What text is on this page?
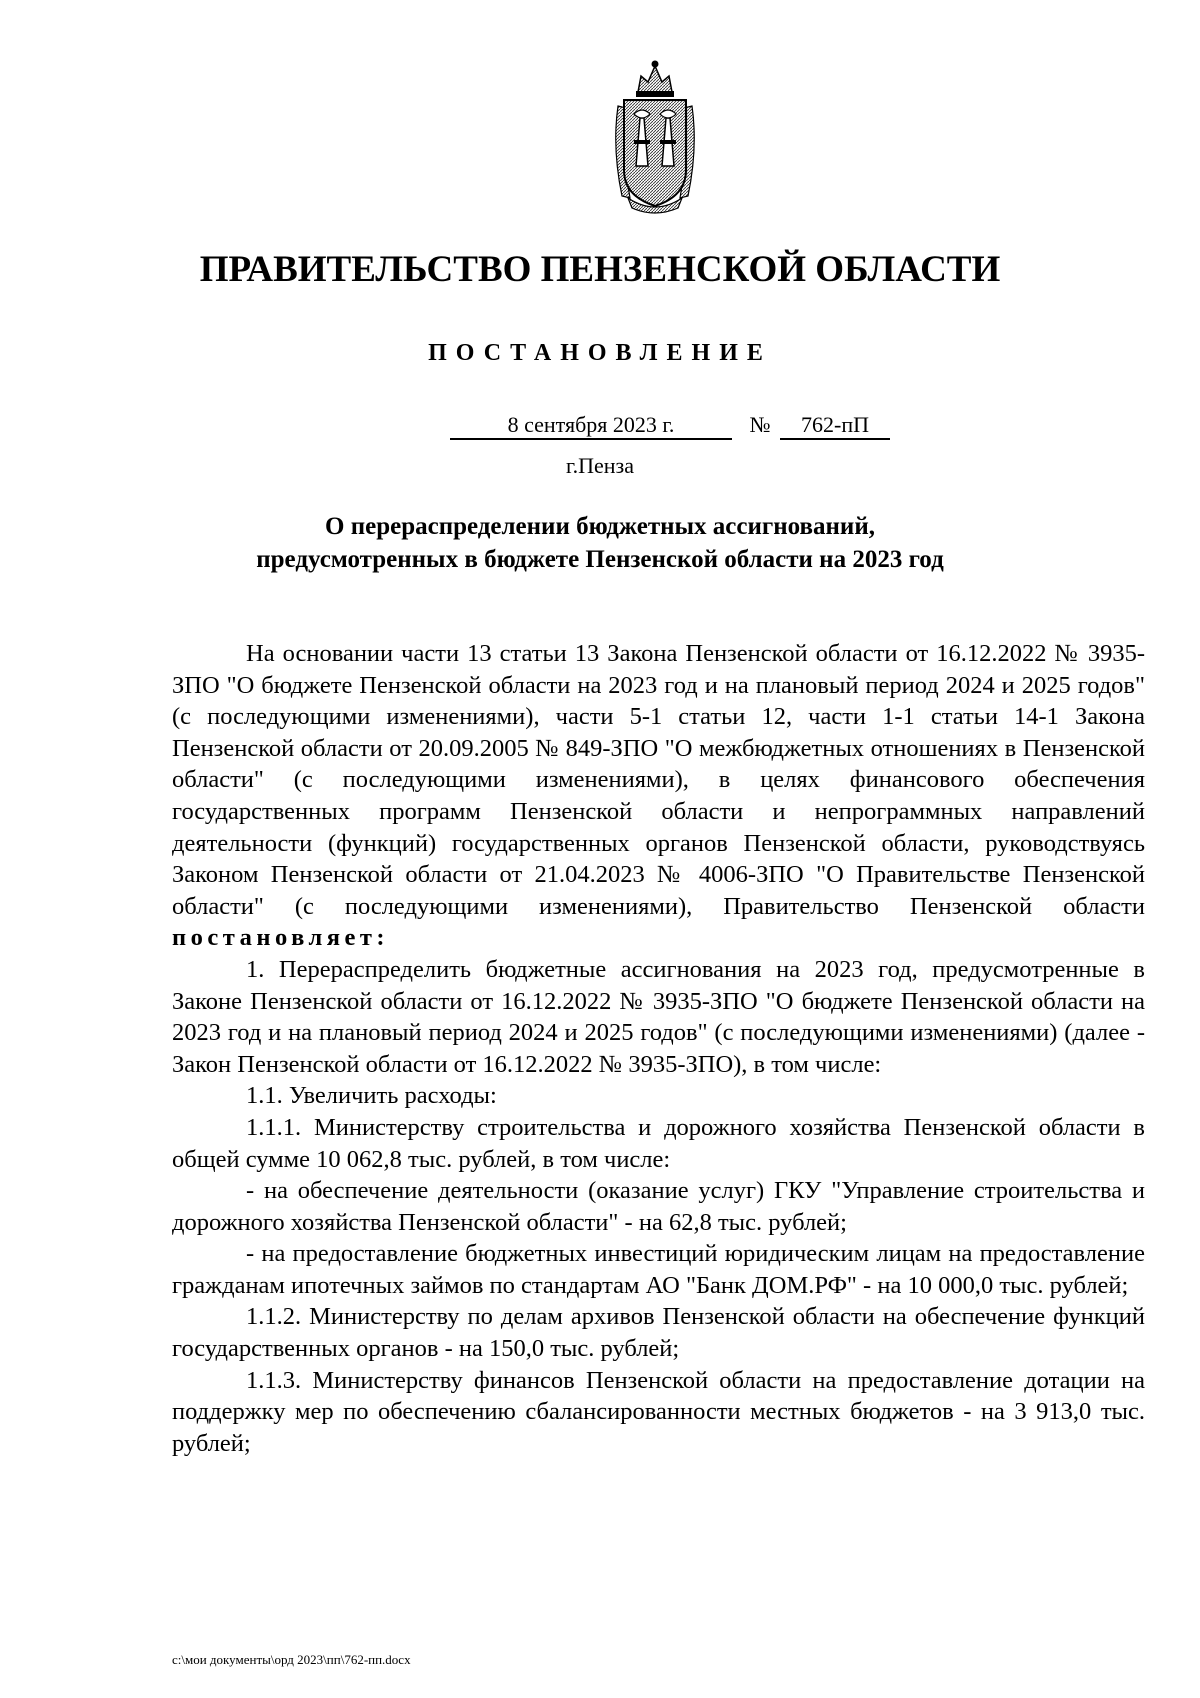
ПРАВИТЕЛЬСТВО ПЕНЗЕНСКОЙ ОБЛАСТИ
ПОСТАНОВЛЕНИЕ
8 сентября 2023 г.	№	762-пП
г.Пенза
О перераспределении бюджетных ассигнований,
предусмотренных в бюджете Пензенской области на 2023 год

На основании части 13 статьи 13 Закона Пензенской области от 16.12.2022 № 3935-ЗПО "О бюджете Пензенской области на 2023 год и на плановый период 2024 и 2025 годов" (с последующими изменениями), части 5-1 статьи 12, части 1-1 статьи 14-1 Закона Пензенской области от 20.09.2005 № 849-ЗПО "О межбюджетных отношениях в Пензенской области" (с последующими изменениями), в целях финансового обеспечения государственных программ Пензенской области и непрограммных направлений деятельности (функций) государственных органов Пензенской области, руководствуясь Законом Пензенской области от 21.04.2023 № 4006-ЗПО "О Правительстве Пензенской области" (с последующими изменениями), Правительство Пензенской области

постановляет:

1. Перераспределить бюджетные ассигнования на 2023 год, предусмотренные в Законе Пензенской области от 16.12.2022 № 3935-ЗПО "О бюджете Пензенской области на 2023 год и на плановый период 2024 и 2025 годов" (с последующими изменениями) (далее - Закон Пензенской области от 16.12.2022 № 3935-ЗПО), в том числе:

1.1. Увеличить расходы:

1.1.1. Министерству строительства и дорожного хозяйства Пензенской области в общей сумме 10 062,8 тыс. рублей, в том числе:

- на обеспечение деятельности (оказание услуг) ГКУ "Управление строительства и дорожного хозяйства Пензенской области" - на 62,8 тыс. рублей;

- на предоставление бюджетных инвестиций юридическим лицам на предоставление гражданам ипотечных займов по стандартам АО "Банк ДОМ.РФ" - на 10 000,0 тыс. рублей;

1.1.2. Министерству по делам архивов Пензенской области на обеспечение функций государственных органов - на 150,0 тыс. рублей;

1.1.3. Министерству финансов Пензенской области на предоставление дотации на поддержку мер по обеспечению сбалансированности местных бюджетов - на 3 913,0 тыс. рублей;

c:\мои документы\орд 2023\пп\762-пп.docx
